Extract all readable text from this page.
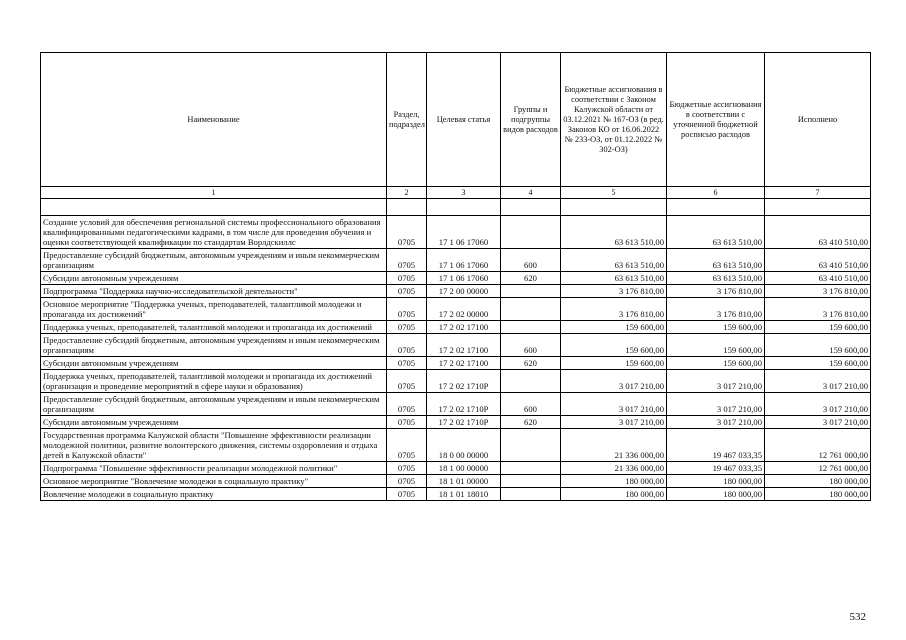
Наименование	Раздел, подраздел	Целевая статья	Группы и подгруппы видов расходов	Бюджетные ассигнования в соответствии с Законом Калужской области от 03.12.2021 № 167-ОЗ (в ред. Законов КО от 16.06.2022 № 233-ОЗ, от 01.12.2022 № 302-ОЗ)	Бюджетные ассигнования в соответствии с уточненной бюджетной росписью расходов	Исполнено
1	2	3	4	5	6	7

Создание условий для обеспечения региональной системы профессионального образования квалифицированными педагогическими кадрами, в том числе для проведения обучения и оценки соответствующей квалификации по стандартам Ворлдскиллс	0705	17 1 06 17060		63 613 510,00	63 613 510,00	63 410 510,00
Предоставление субсидий бюджетным, автономным учреждениям и иным некоммерческим организациям	0705	17 1 06 17060	600	63 613 510,00	63 613 510,00	63 410 510,00
Субсидии автономным учреждениям	0705	17 1 06 17060	620	63 613 510,00	63 613 510,00	63 410 510,00
Подпрограмма "Поддержка научно-исследовательской деятельности"	0705	17 2 00 00000		3 176 810,00	3 176 810,00	3 176 810,00
Основное мероприятие "Поддержка ученых, преподавателей, талантливой молодежи и пропаганда их достижений"	0705	17 2 02 00000		3 176 810,00	3 176 810,00	3 176 810,00
Поддержка ученых, преподавателей, талантливой молодежи и пропаганда их достижений	0705	17 2 02 17100		159 600,00	159 600,00	159 600,00
Предоставление субсидий бюджетным, автономным учреждениям и иным некоммерческим организациям	0705	17 2 02 17100	600	159 600,00	159 600,00	159 600,00
Субсидии автономным учреждениям	0705	17 2 02 17100	620	159 600,00	159 600,00	159 600,00
Поддержка ученых, преподавателей, талантливой молодежи и пропаганда их достижений (организация и проведение мероприятий в сфере науки и образования)	0705	17 2 02 1710Р		3 017 210,00	3 017 210,00	3 017 210,00
Предоставление субсидий бюджетным, автономным учреждениям и иным некоммерческим организациям	0705	17 2 02 1710Р	600	3 017 210,00	3 017 210,00	3 017 210,00
Субсидии автономным учреждениям	0705	17 2 02 1710Р	620	3 017 210,00	3 017 210,00	3 017 210,00
Государственная программа Калужской области "Повышение эффективности реализации молодежной политики, развитие волонтерского движения, системы оздоровления и отдыха детей в Калужской области"	0705	18 0 00 00000		21 336 000,00	19 467 033,35	12 761 000,00
Подпрограмма "Повышение эффективности реализации молодежной политики"	0705	18 1 00 00000		21 336 000,00	19 467 033,35	12 761 000,00
Основное мероприятие "Вовлечение молодежи в социальную практику"	0705	18 1 01 00000		180 000,00	180 000,00	180 000,00
Вовлечение молодежи в социальную практику	0705	18 1 01 18010		180 000,00	180 000,00	180 000,00
532
